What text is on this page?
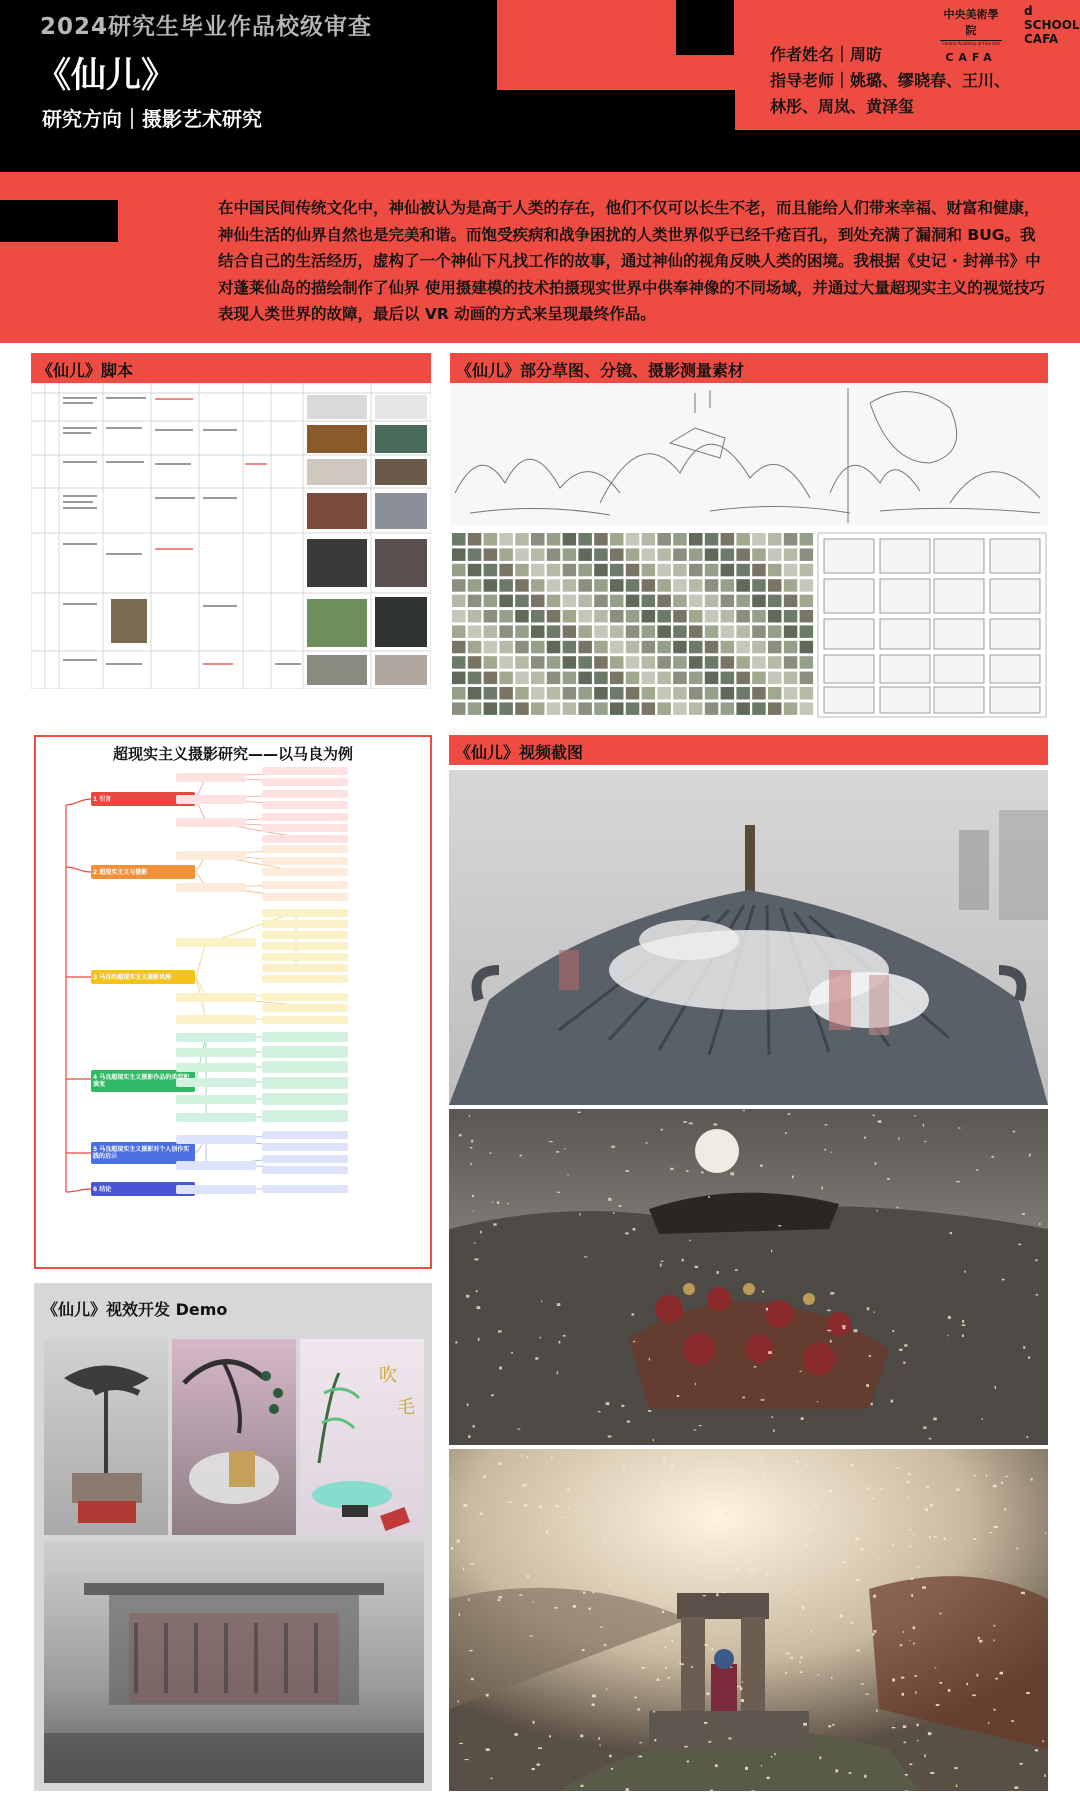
2024研究生毕业作品校级审查
《仙儿》
研究方向｜摄影艺术研究
作者姓名｜周昉
指导老师｜姚璐、缪晓春、王川、
林彤、周岚、黄泽玺
中央美術學院
Central Academy of Fine Arts
CAFA
d
SCHOOL
CAFA
在中国民间传统文化中，神仙被认为是高于人类的存在，他们不仅可以长生不老，而且能给人们带来幸福、财富和健康，神仙生活的仙界自然也是完美和谐。而饱受疾病和战争困扰的人类世界似乎已经千疮百孔，到处充满了漏洞和 BUG。我结合自己的生活经历，虚构了一个神仙下凡找工作的故事，通过神仙的视角反映人类的困境。我根据《史记 · 封禅书》中对蓬莱仙岛的描绘制作了仙界 使用摄建模的技术拍摄现实世界中供奉神像的不同场域，并通过大量超现实主义的视觉技巧表现人类世界的故障，最后以 VR 动画的方式来呈现最终作品。
《仙儿》脚本	《仙儿》部分草图、分镜、摄影测量素材
《仙儿》视频截图
超现实主义摄影研究——以马良为例
1 引言
2 超现实主义与摄影
3 马良的超现实主义摄影风格
4 马良超现实主义摄影作品的类型和演变
5 马良超现实主义摄影对个人创作实践的启示
6 结论
《仙儿》视效开发 Demo
吹
毛
